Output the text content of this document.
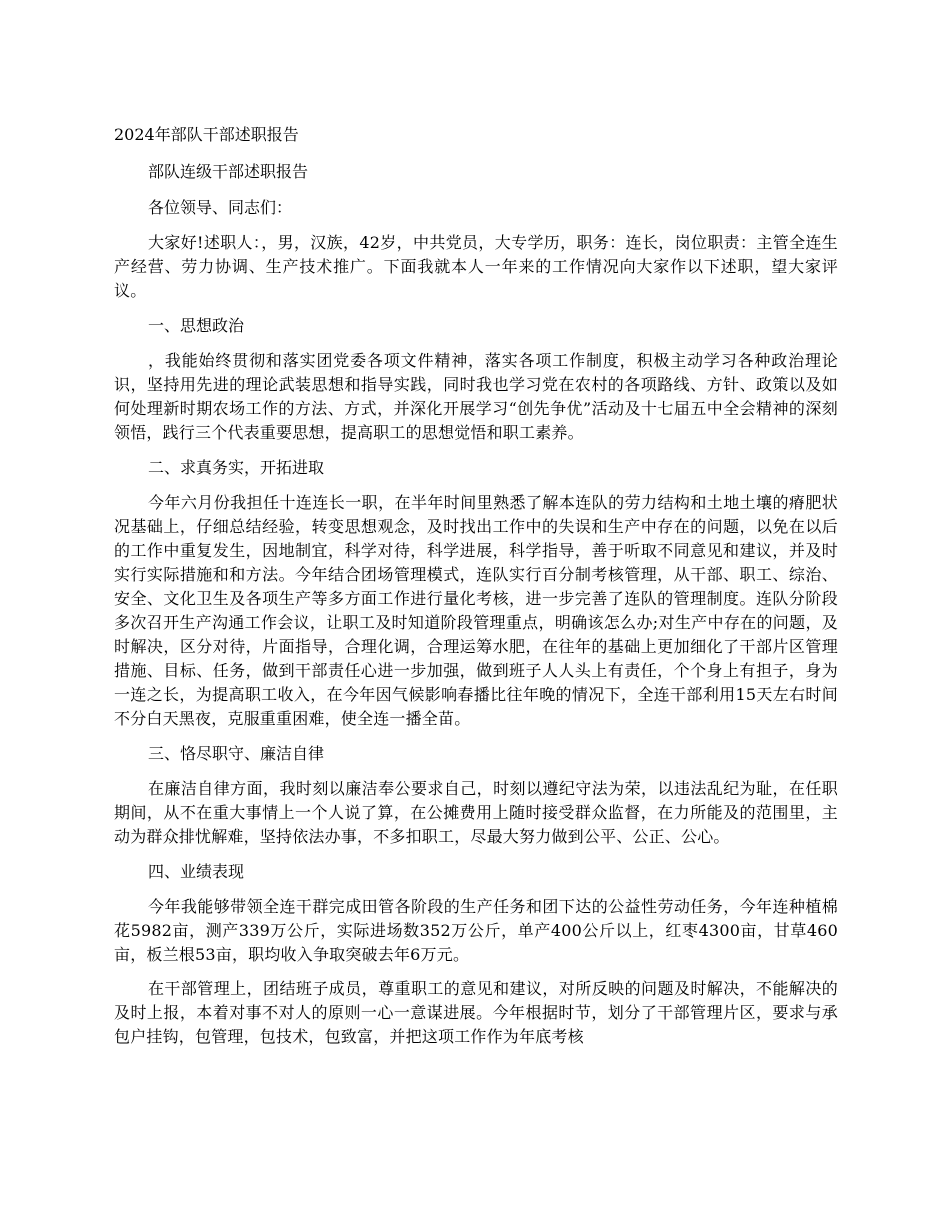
2024年部队干部述职报告
部队连级干部述职报告
各位领导、同志们：
大家好!述职人：，男，汉族，42岁，中共党员，大专学历，职务：连长，岗位职责：主管全连生产经营、劳力协调、生产技术推广。下面我就本人一年来的工作情况向大家作以下述职，望大家评议。
一、思想政治
，我能始终贯彻和落实团党委各项文件精神，落实各项工作制度，积极主动学习各种政治理论识，坚持用先进的理论武装思想和指导实践，同时我也学习党在农村的各项路线、方针、政策以及如何处理新时期农场工作的方法、方式，并深化开展学习“创先争优”活动及十七届五中全会精神的深刻领悟，践行三个代表重要思想，提高职工的思想觉悟和职工素养。
二、求真务实，开拓进取
今年六月份我担任十连连长一职，在半年时间里熟悉了解本连队的劳力结构和土地土壤的瘠肥状况基础上，仔细总结经验，转变思想观念，及时找出工作中的失误和生产中存在的问题，以免在以后的工作中重复发生，因地制宜，科学对待，科学进展，科学指导，善于听取不同意见和建议，并及时实行实际措施和和方法。今年结合团场管理模式，连队实行百分制考核管理，从干部、职工、综治、安全、文化卫生及各项生产等多方面工作进行量化考核，进一步完善了连队的管理制度。连队分阶段多次召开生产沟通工作会议，让职工及时知道阶段管理重点，明确该怎么办;对生产中存在的问题，及时解决，区分对待，片面指导，合理化调，合理运筹水肥，在往年的基础上更加细化了干部片区管理措施、目标、任务，做到干部责任心进一步加强，做到班子人人头上有责任，个个身上有担子，身为一连之长，为提高职工收入，在今年因气候影响春播比往年晚的情况下，全连干部利用15天左右时间不分白天黑夜，克服重重困难，使全连一播全苗。
三、恪尽职守、廉洁自律
在廉洁自律方面，我时刻以廉洁奉公要求自己，时刻以遵纪守法为荣，以违法乱纪为耻，在任职期间，从不在重大事情上一个人说了算，在公摊费用上随时接受群众监督，在力所能及的范围里，主动为群众排忧解难，坚持依法办事，不多扣职工，尽最大努力做到公平、公正、公心。
四、业绩表现
今年我能够带领全连干群完成田管各阶段的生产任务和团下达的公益性劳动任务，今年连种植棉花5982亩，测产339万公斤，实际进场数352万公斤，单产400公斤以上，红枣4300亩，甘草460亩，板兰根53亩，职均收入争取突破去年6万元。
在干部管理上，团结班子成员，尊重职工的意见和建议，对所反映的问题及时解决，不能解决的及时上报，本着对事不对人的原则一心一意谋进展。今年根据时节，划分了干部管理片区，要求与承包户挂钩，包管理，包技术，包致富，并把这项工作作为年底考核
